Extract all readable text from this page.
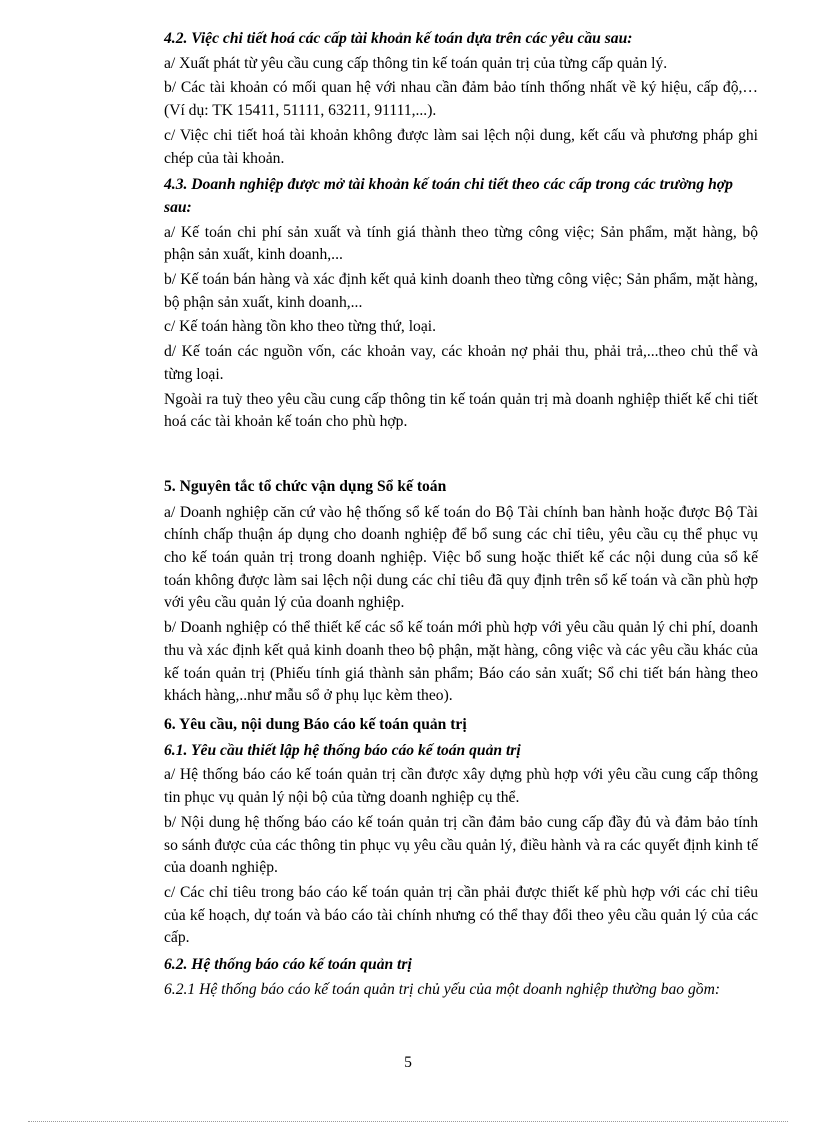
4.2. Việc chi tiết hoá các cấp tài khoản kế toán dựa trên các yêu cầu sau:

a/ Xuất phát từ yêu cầu cung cấp thông tin kế toán quản trị của từng cấp quản lý.

b/ Các tài khoản có mối quan hệ với nhau cần đảm bảo tính thống nhất về ký hiệu, cấp độ,…(Ví dụ: TK 15411, 51111, 63211, 91111,...).

c/ Việc chi tiết hoá tài khoản không được làm sai lệch nội dung, kết cấu và phương pháp ghi chép của tài khoản.

4.3. Doanh nghiệp được mở tài khoản kế toán chi tiết theo các cấp trong các trường hợp sau:

a/ Kế toán chi phí sản xuất và tính giá thành theo từng công việc; Sản phẩm, mặt hàng, bộ phận sản xuất, kinh doanh,...

b/ Kế toán bán hàng và xác định kết quả kinh doanh theo từng công việc; Sản phẩm, mặt hàng, bộ phận sản xuất, kinh doanh,...

c/ Kế toán hàng tồn kho theo từng thứ, loại.

d/ Kế toán các nguồn vốn, các khoản vay, các khoản nợ phải thu, phải trả,...theo chủ thể và từng loại.

Ngoài ra tuỳ theo yêu cầu cung cấp thông tin kế toán quản trị mà doanh nghiệp thiết kế chi tiết hoá các tài khoản kế toán cho phù hợp.

5. Nguyên tắc tổ chức vận dụng Sổ kế toán

a/ Doanh nghiệp căn cứ vào hệ thống sổ kế toán do Bộ Tài chính ban hành hoặc được Bộ Tài chính chấp thuận áp dụng cho doanh nghiệp để bổ sung các chỉ tiêu, yêu cầu cụ thể phục vụ cho kế toán quản trị trong doanh nghiệp. Việc bổ sung hoặc thiết kế các nội dung của sổ kế toán không được làm sai lệch nội dung các chỉ tiêu đã quy định trên sổ kế toán và cần phù hợp với yêu cầu quản lý của doanh nghiệp.

b/ Doanh nghiệp có thể thiết kế các sổ kế toán mới phù hợp với yêu cầu quản lý chi phí, doanh thu và xác định kết quả kinh doanh theo bộ phận, mặt hàng, công việc và các yêu cầu khác của kế toán quản trị (Phiếu tính giá thành sản phẩm; Báo cáo sản xuất; Sổ chi tiết bán hàng theo khách hàng,..như mẫu sổ ở phụ lục kèm theo).

6. Yêu cầu, nội dung Báo cáo kế toán quản trị

6.1. Yêu cầu thiết lập hệ thống báo cáo kế toán quản trị

a/ Hệ thống báo cáo kế toán quản trị cần được xây dựng phù hợp với yêu cầu cung cấp thông tin phục vụ quản lý nội bộ của từng doanh nghiệp cụ thể.

b/ Nội dung hệ thống báo cáo kế toán quản trị cần đảm bảo cung cấp đầy đủ và đảm bảo tính so sánh được của các thông tin phục vụ yêu cầu quản lý, điều hành và ra các quyết định kinh tế của doanh nghiệp.

c/ Các chỉ tiêu trong báo cáo kế toán quản trị cần phải được thiết kế phù hợp với các chỉ tiêu của kế hoạch, dự toán và báo cáo tài chính nhưng có thể thay đổi theo yêu cầu quản lý của các cấp.

6.2. Hệ thống báo cáo kế toán quản trị

6.2.1 Hệ thống báo cáo kế toán quản trị chủ yếu của một doanh nghiệp thường bao gồm:

5
